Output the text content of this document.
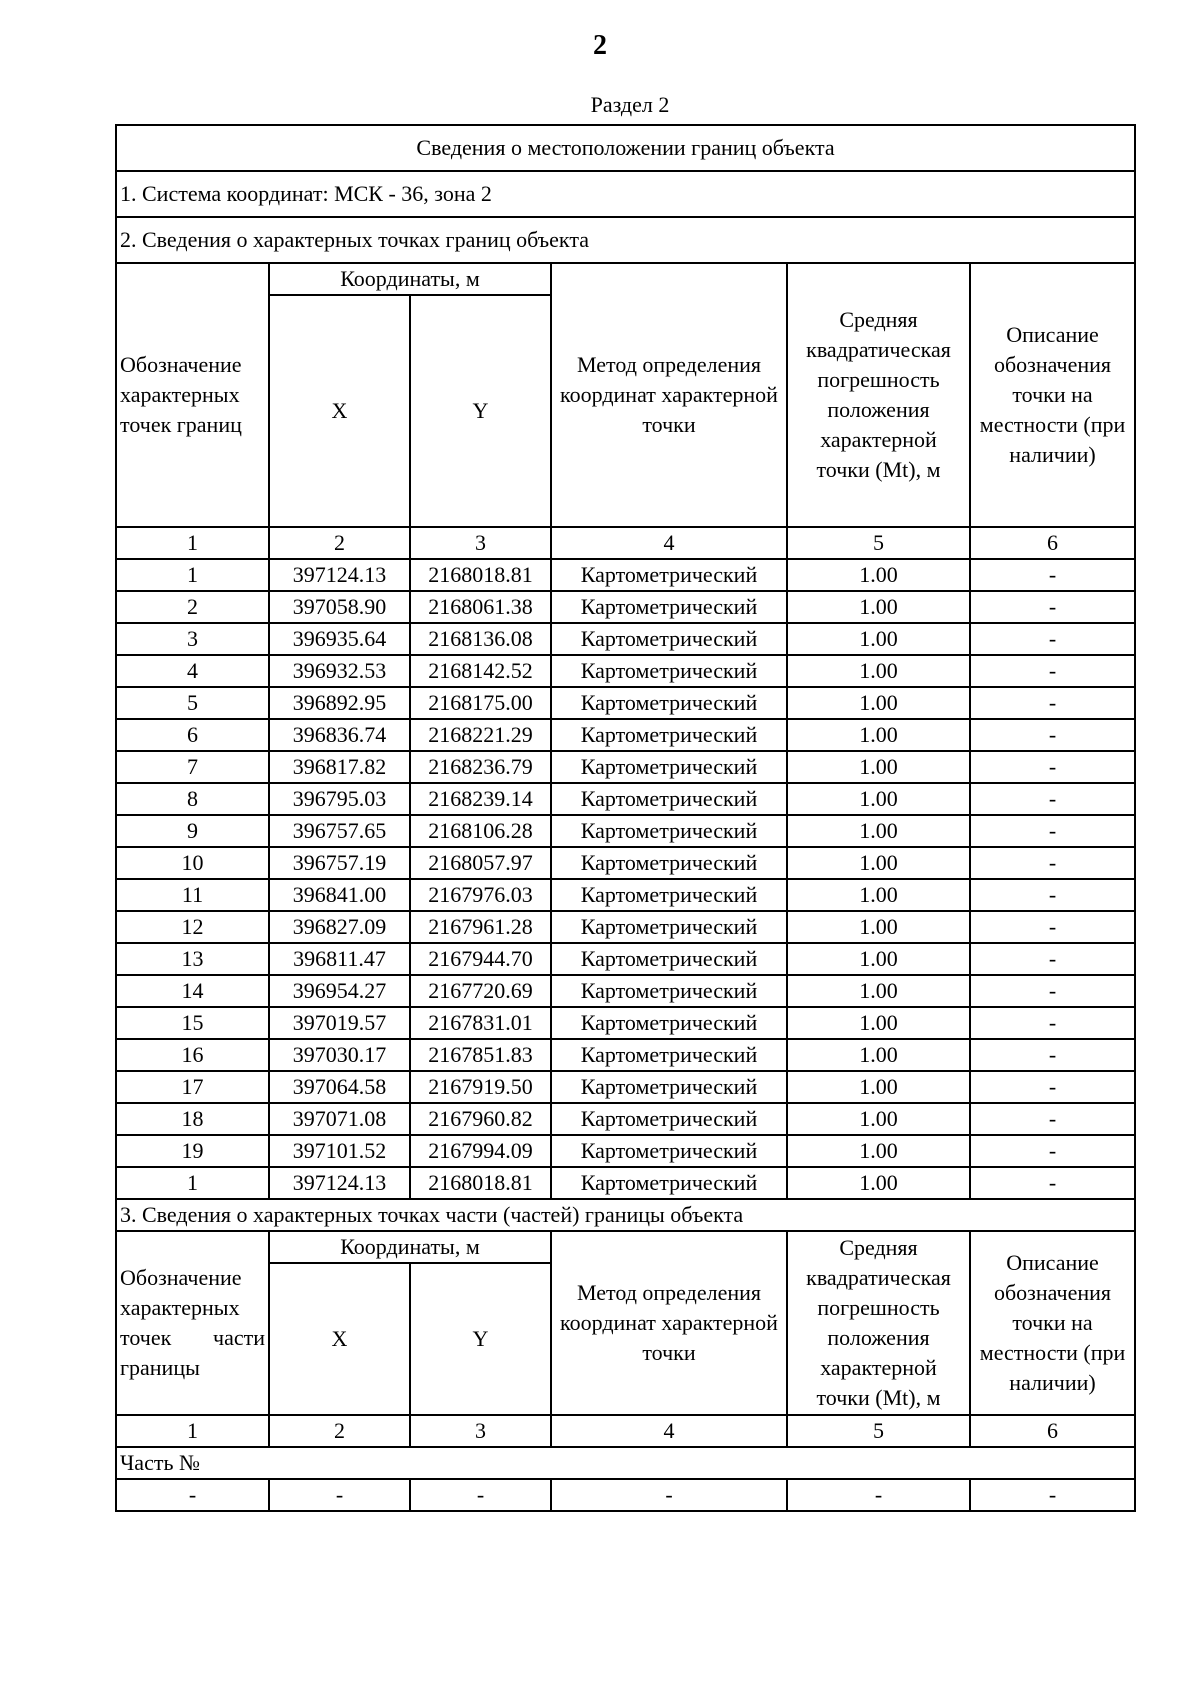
2
Раздел 2
Сведения о местоположении границ объекта					
1. Система координат: МСК - 36, зона 2					
2. Сведения о характерных точках границ объекта					
Обозначение характерных точек границ	Координаты, м		Метод определения координат характерной точки	Средняя квадратическая погрешность положения характерной точки (Mt), м	Описание обозначения точки на местности (при наличии)
	X	Y			
1	2	3	4	5	6
1	397124.13	2168018.81	Картометрический	1.00	-
2	397058.90	2168061.38	Картометрический	1.00	-
3	396935.64	2168136.08	Картометрический	1.00	-
4	396932.53	2168142.52	Картометрический	1.00	-
5	396892.95	2168175.00	Картометрический	1.00	-
6	396836.74	2168221.29	Картометрический	1.00	-
7	396817.82	2168236.79	Картометрический	1.00	-
8	396795.03	2168239.14	Картометрический	1.00	-
9	396757.65	2168106.28	Картометрический	1.00	-
10	396757.19	2168057.97	Картометрический	1.00	-
11	396841.00	2167976.03	Картометрический	1.00	-
12	396827.09	2167961.28	Картометрический	1.00	-
13	396811.47	2167944.70	Картометрический	1.00	-
14	396954.27	2167720.69	Картометрический	1.00	-
15	397019.57	2167831.01	Картометрический	1.00	-
16	397030.17	2167851.83	Картометрический	1.00	-
17	397064.58	2167919.50	Картометрический	1.00	-
18	397071.08	2167960.82	Картометрический	1.00	-
19	397101.52	2167994.09	Картометрический	1.00	-
1	397124.13	2168018.81	Картометрический	1.00	-
3. Сведения о характерных точках части (частей) границы объекта					
Обозначение характерных точек части границы	Координаты, м		Метод определения координат характерной точки	Средняя квадратическая погрешность положения характерной точки (Mt), м	Описание обозначения точки на местности (при наличии)
	X	Y			
1	2	3	4	5	6
Часть №					
-	-	-	-	-	-
